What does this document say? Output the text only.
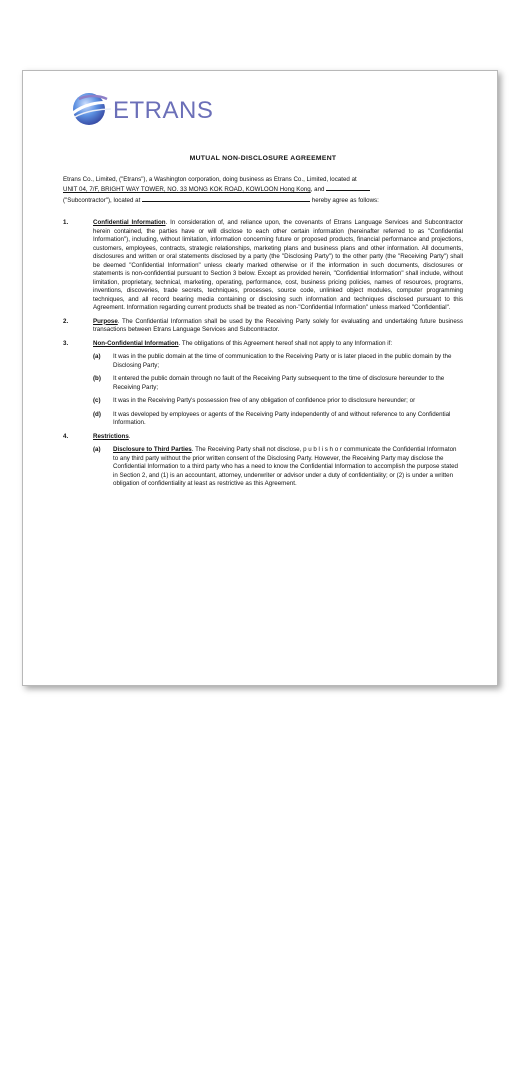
ETRANS
MUTUAL NON-DISCLOSURE AGREEMENT
Etrans Co., Limited, ("Etrans"), a Washington corporation, doing business as Etrans Co., Limited, located at
UNIT 04, 7/F, BRIGHT WAY TOWER, NO. 33 MONG KOK ROAD, KOWLOON Hong Kong, and
("Subcontractor"), located at	hereby agree as follows:
1.	Confidential Information. In consideration of, and reliance upon, the covenants of Etrans Language Services and Subcontractor herein contained, the parties have or will disclose to each other certain information (hereinafter referred to as "Confidential Information"), including, without limitation, information concerning future or proposed products, financial performance and projections, customers, employees, contracts, strategic relationships, marketing plans and business plans and other information. All documents, disclosures and written or oral statements disclosed by a party (the "Disclosing Party") to the other party (the "Receiving Party") shall be deemed "Confidential Information" unless clearly marked otherwise or if the information in such documents, disclosures or statements is non-confidential pursuant to Section 3 below. Except as provided herein, "Confidential Information" shall include, without limitation, proprietary, technical, marketing, operating, performance, cost, business pricing policies, names of resources, programs, inventions, discoveries, trade secrets, techniques, processes, source code, unlinked object modules, computer programming techniques, and all record bearing media containing or disclosing such information and techniques disclosed pursuant to this Agreement. Information regarding current products shall be treated as non-"Confidential Information" unless marked "Confidential".
2.	Purpose. The Confidential Information shall be used by the Receiving Party solely for evaluating and undertaking future business transactions between Etrans Language Services and Subcontractor.
3.	Non-Confidential Information. The obligations of this Agreement hereof shall not apply to any Information if:
(a) It was in the public domain at the time of communication to the Receiving Party or is later placed in the public domain by the Disclosing Party;
(b) It entered the public domain through no fault of the Receiving Party subsequent to the time of disclosure hereunder to the Receiving Party;
(c) It was in the Receiving Party's possession free of any obligation of confidence prior to disclosure hereunder; or
(d) It was developed by employees or agents of the Receiving Party independently of and without reference to any Confidential Information.
4.	Restrictions.
(a) Disclosure to Third Parties. The Receiving Party shall not disclose, p u b l i s h o r communicate the Confidential Informaton to any third party without the prior written consent of the Disclosing Party. However, the Receiving Party may disclose the Confidential Information to a third party who has a need to know the Confidential Information to accomplish the purpose stated in Section 2, and (1) is an accountant, attorney, underwriter or advisor under a duty of confidentiality; or (2) is under a written obligation of confidentiality at least as restrictive as this Agreement.
